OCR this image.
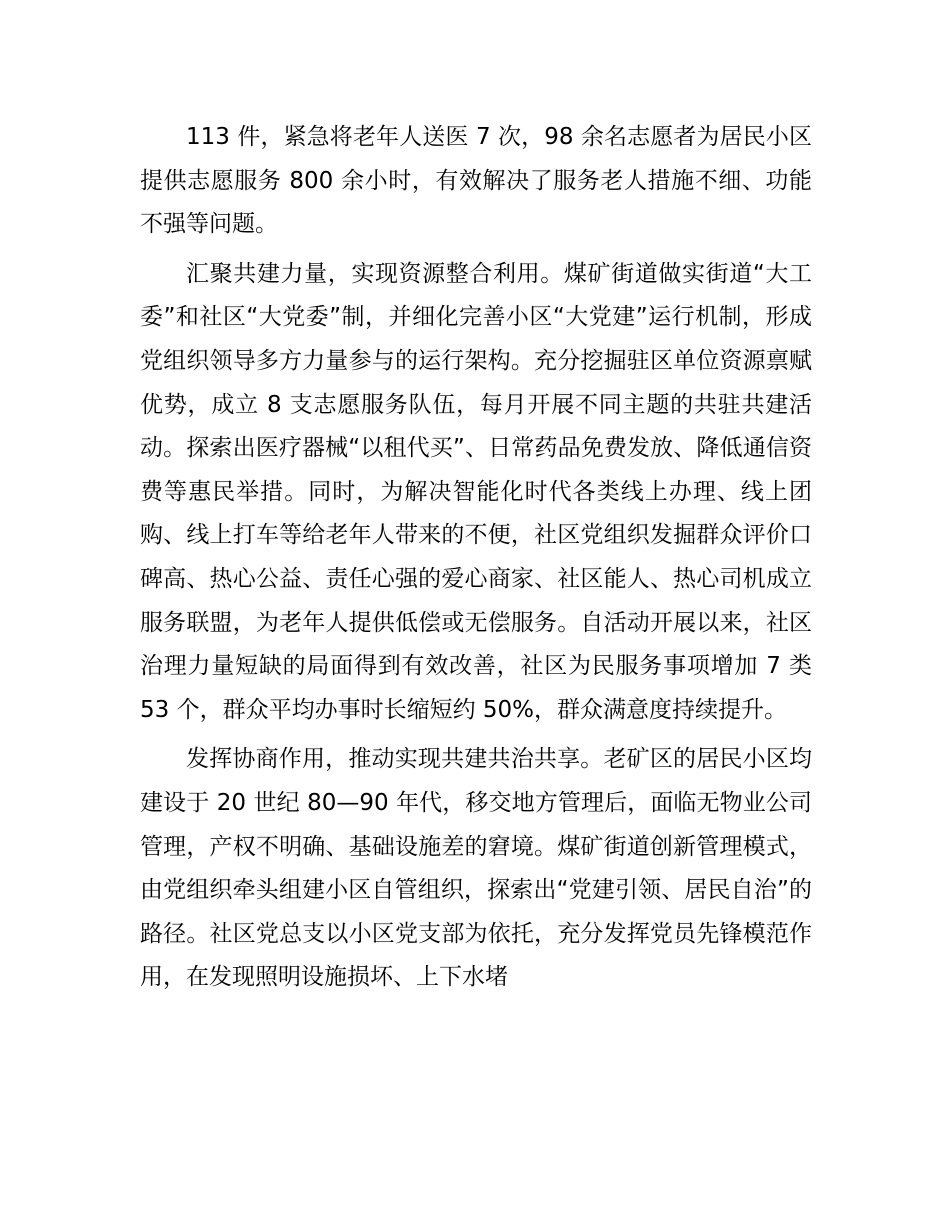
113 件，紧急将老年人送医 7 次，98 余名志愿者为居民小区提供志愿服务 800 余小时，有效解决了服务老人措施不细、功能不强等问题。

汇聚共建力量，实现资源整合利用。煤矿街道做实街道“大工委”和社区“大党委”制，并细化完善小区“大党建”运行机制，形成党组织领导多方力量参与的运行架构。充分挖掘驻区单位资源禀赋优势，成立 8 支志愿服务队伍，每月开展不同主题的共驻共建活动。探索出医疗器械“以租代买”、日常药品免费发放、降低通信资费等惠民举措。同时，为解决智能化时代各类线上办理、线上团购、线上打车等给老年人带来的不便，社区党组织发掘群众评价口碑高、热心公益、责任心强的爱心商家、社区能人、热心司机成立服务联盟，为老年人提供低偿或无偿服务。自活动开展以来，社区治理力量短缺的局面得到有效改善，社区为民服务事项增加 7 类 53 个，群众平均办事时长缩短约 50%，群众满意度持续提升。

发挥协商作用，推动实现共建共治共享。老矿区的居民小区均建设于 20 世纪 80—90 年代，移交地方管理后，面临无物业公司管理，产权不明确、基础设施差的窘境。煤矿街道创新管理模式，由党组织牵头组建小区自管组织，探索出“党建引领、居民自治”的路径。社区党总支以小区党支部为依托，充分发挥党员先锋模范作用，在发现照明设施损坏、上下水堵
